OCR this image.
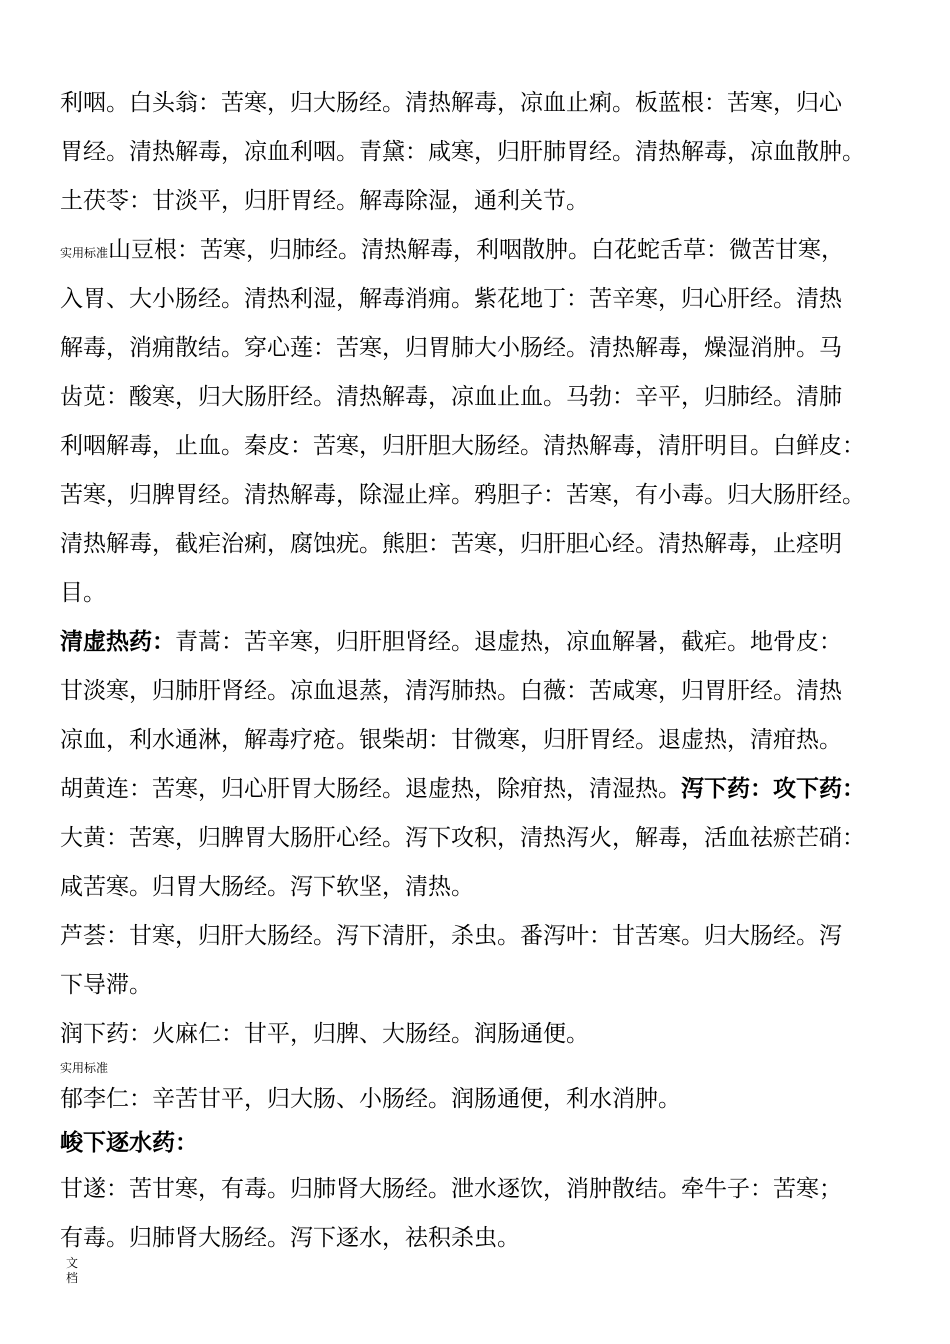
利咽。白头翁：苦寒，归大肠经。清热解毒，凉血止痢。板蓝根：苦寒，归心
胃经。清热解毒，凉血利咽。青黛：咸寒，归肝肺胃经。清热解毒，凉血散肿。
土茯苓：甘淡平，归肝胃经。解毒除湿，通利关节。
实用标准山豆根：苦寒，归肺经。清热解毒，利咽散肿。白花蛇舌草：微苦甘寒，
入胃、大小肠经。清热利湿，解毒消痈。紫花地丁：苦辛寒，归心肝经。清热
解毒，消痈散结。穿心莲：苦寒，归胃肺大小肠经。清热解毒，燥湿消肿。马
齿苋：酸寒，归大肠肝经。清热解毒，凉血止血。马勃：辛平，归肺经。清肺
利咽解毒，止血。秦皮：苦寒，归肝胆大肠经。清热解毒，清肝明目。白鲜皮：
苦寒，归脾胃经。清热解毒，除湿止痒。鸦胆子：苦寒，有小毒。归大肠肝经。
清热解毒，截疟治痢，腐蚀疣。熊胆：苦寒，归肝胆心经。清热解毒，止痉明
目。
清虚热药：青蒿：苦辛寒，归肝胆肾经。退虚热，凉血解暑，截疟。地骨皮：
甘淡寒，归肺肝肾经。凉血退蒸，清泻肺热。白薇：苦咸寒，归胃肝经。清热
凉血，利水通淋，解毒疗疮。银柴胡：甘微寒，归肝胃经。退虚热，清疳热。
胡黄连：苦寒，归心肝胃大肠经。退虚热，除疳热，清湿热。泻下药：攻下药：
大黄：苦寒，归脾胃大肠肝心经。泻下攻积，清热泻火，解毒，活血祛瘀芒硝：
咸苦寒。归胃大肠经。泻下软坚，清热。
芦荟：甘寒，归肝大肠经。泻下清肝，杀虫。番泻叶：甘苦寒。归大肠经。泻
下导滞。
润下药：火麻仁：甘平，归脾、大肠经。润肠通便。
实用标准
郁李仁：辛苦甘平，归大肠、小肠经。润肠通便，利水消肿。
峻下逐水药：
甘遂：苦甘寒，有毒。归肺肾大肠经。泄水逐饮，消肿散结。牵牛子：苦寒；
有毒。归肺肾大肠经。泻下逐水，祛积杀虫。
文档
